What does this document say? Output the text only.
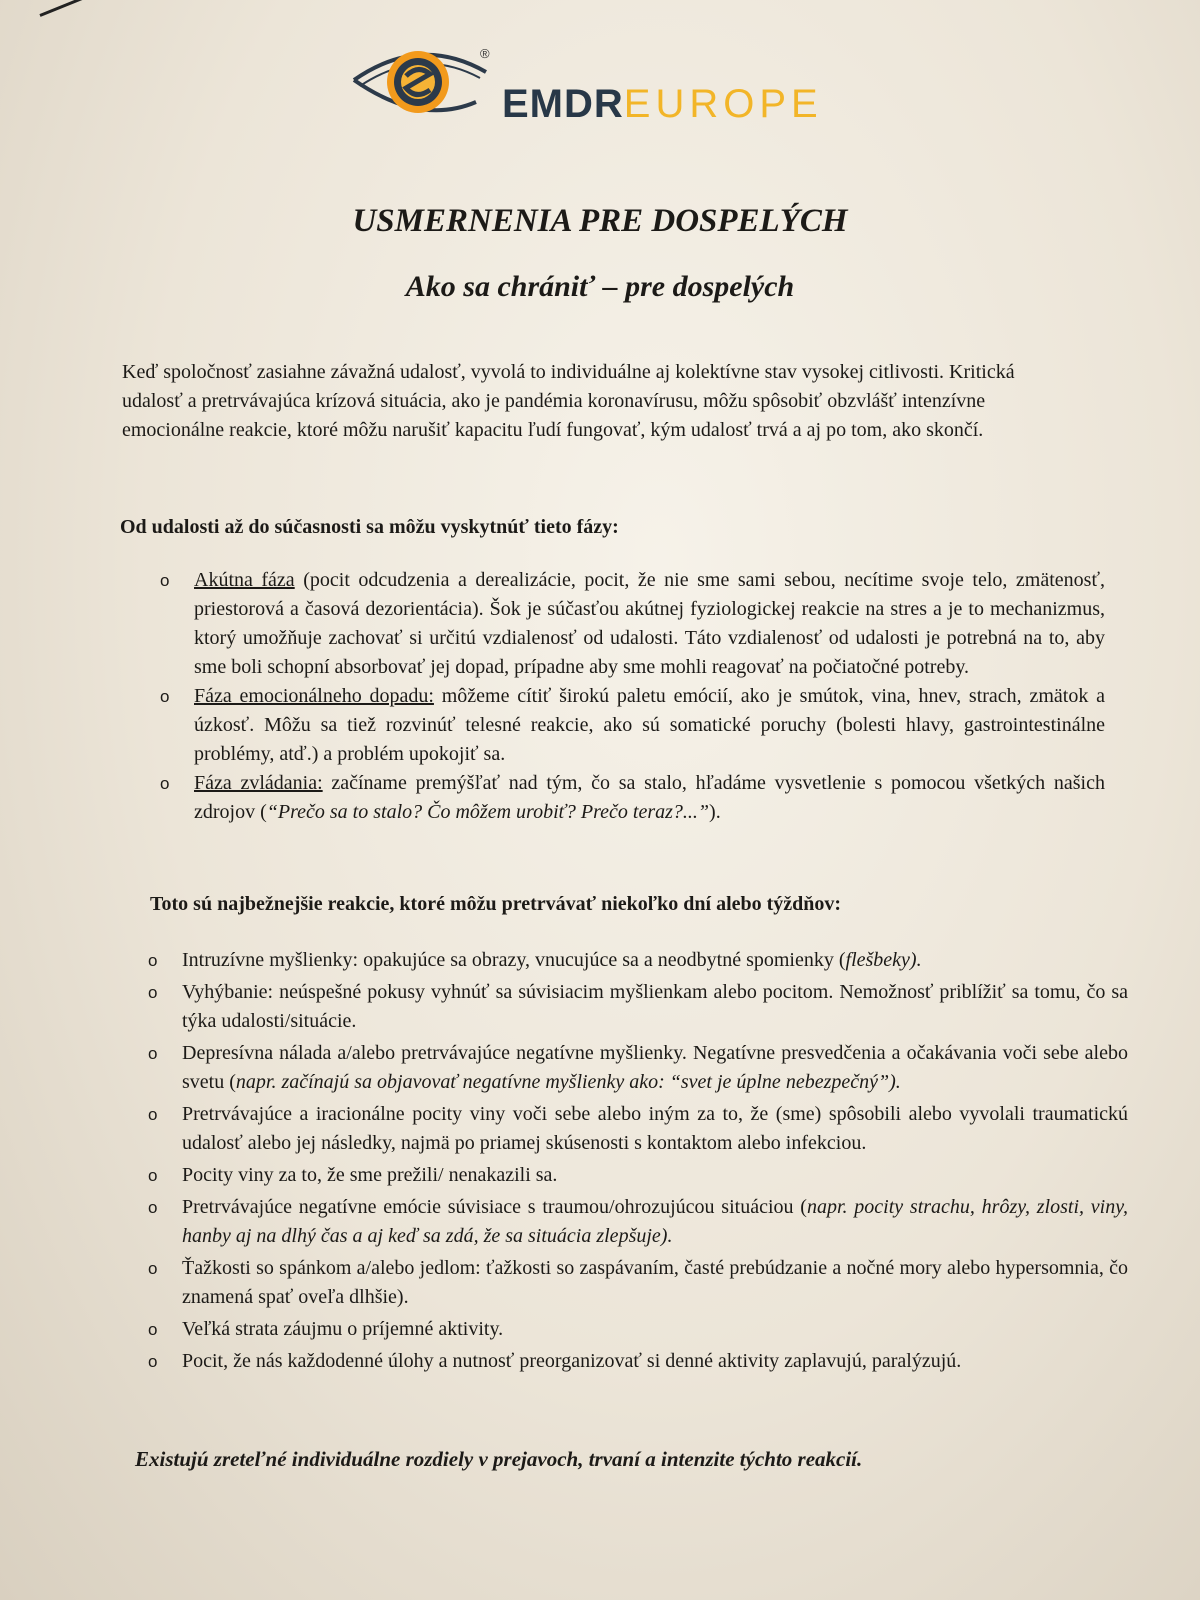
®
EMDREUROPE
USMERNENIA PRE DOSPELÝCH
Ako sa chrániť – pre dospelých

Keď spoločnosť zasiahne závažná udalosť, vyvolá to individuálne aj kolektívne stav vysokej citlivosti. Kritická udalosť a pretrvávajúca krízová situácia, ako je pandémia koronavírusu, môžu spôsobiť obzvlášť intenzívne emocionálne reakcie, ktoré môžu narušiť kapacitu ľudí fungovať, kým udalosť trvá a aj po tom, ako skončí.

Od udalosti až do súčasnosti sa môžu vyskytnúť tieto fázy:

o Akútna fáza (pocit odcudzenia a derealizácie, pocit, že nie sme sami sebou, necítime svoje telo, zmätenosť, priestorová a časová dezorientácia). Šok je súčasťou akútnej fyziologickej reakcie na stres a je to mechanizmus, ktorý umožňuje zachovať si určitú vzdialenosť od udalosti. Táto vzdialenosť od udalosti je potrebná na to, aby sme boli schopní absorbovať jej dopad, prípadne aby sme mohli reagovať na počiatočné potreby.
o Fáza emocionálneho dopadu: môžeme cítiť širokú paletu emócií, ako je smútok, vina, hnev, strach, zmätok a úzkosť. Môžu sa tiež rozvinúť telesné reakcie, ako sú somatické poruchy (bolesti hlavy, gastrointestinálne problémy, atď.) a problém upokojiť sa.
o Fáza zvládania: začíname premýšľať nad tým, čo sa stalo, hľadáme vysvetlenie s pomocou všetkých našich zdrojov (“Prečo sa to stalo? Čo môžem urobiť? Prečo teraz?...”).

Toto sú najbežnejšie reakcie, ktoré môžu pretrvávať niekoľko dní alebo týždňov:

o Intruzívne myšlienky: opakujúce sa obrazy, vnucujúce sa a neodbytné spomienky (flešbeky).
o Vyhýbanie: neúspešné pokusy vyhnúť sa súvisiacim myšlienkam alebo pocitom. Nemožnosť priblížiť sa tomu, čo sa týka udalosti/situácie.
o Depresívna nálada a/alebo pretrvávajúce negatívne myšlienky. Negatívne presvedčenia a očakávania voči sebe alebo svetu (napr. začínajú sa objavovať negatívne myšlienky ako: “svet je úplne nebezpečný”).
o Pretrvávajúce a iracionálne pocity viny voči sebe alebo iným za to, že (sme) spôsobili alebo vyvolali traumatickú udalosť alebo jej následky, najmä po priamej skúsenosti s kontaktom alebo infekciou.
o Pocity viny za to, že sme prežili/ nenakazili sa.
o Pretrvávajúce negatívne emócie súvisiace s traumou/ohrozujúcou situáciou (napr. pocity strachu, hrôzy, zlosti, viny, hanby aj na dlhý čas a aj keď sa zdá, že sa situácia zlepšuje).
o Ťažkosti so spánkom a/alebo jedlom: ťažkosti so zaspávaním, časté prebúdzanie a nočné mory alebo hypersomnia, čo znamená spať oveľa dlhšie).
o Veľká strata záujmu o príjemné aktivity.
o Pocit, že nás každodenné úlohy a nutnosť preorganizovať si denné aktivity zaplavujú, paralýzujú.

Existujú zreteľné individuálne rozdiely v prejavoch, trvaní a intenzite týchto reakcií.
